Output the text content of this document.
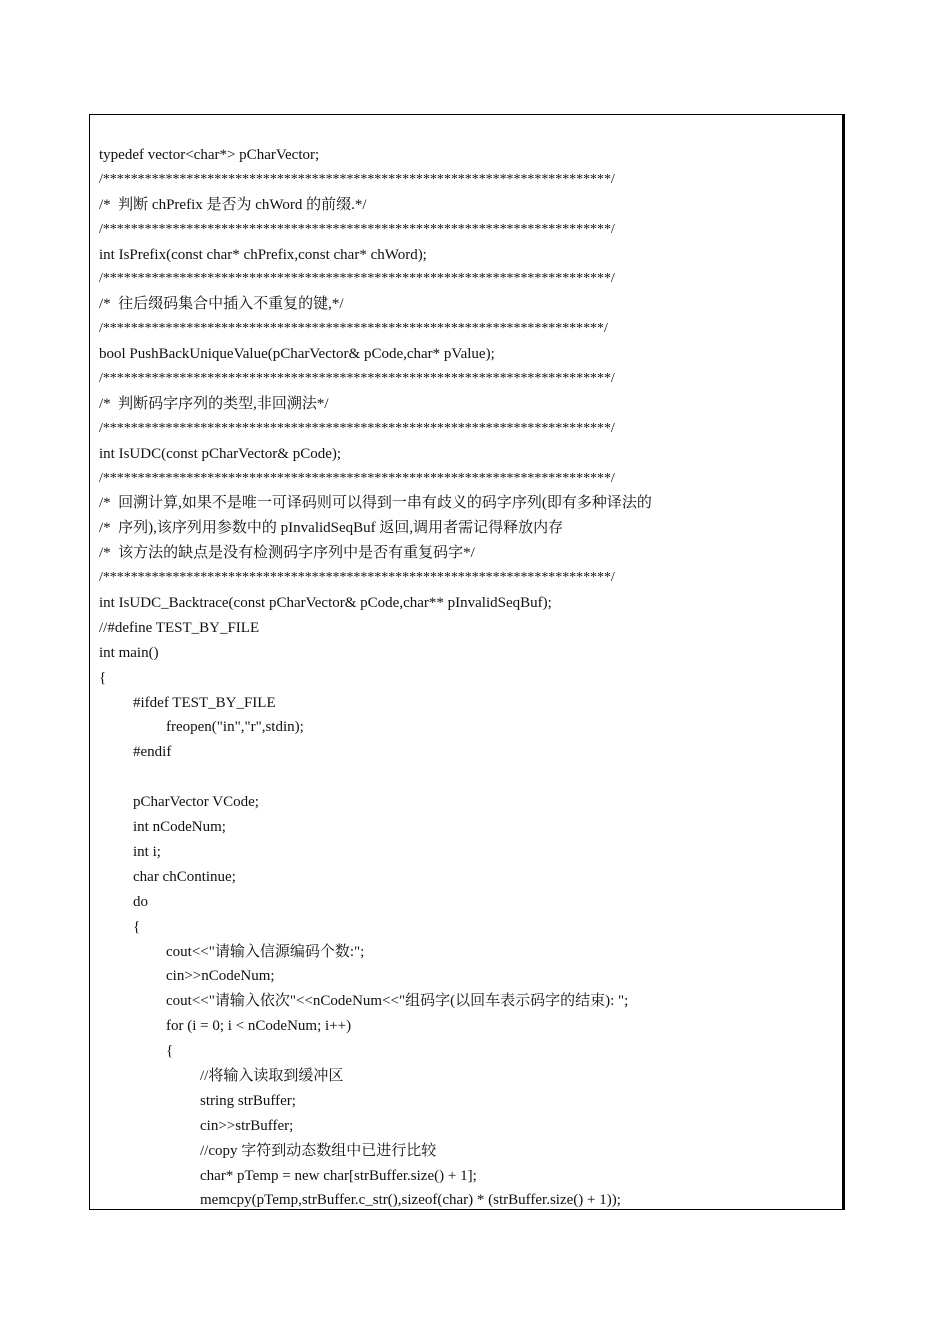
typedef vector<char*> pCharVector;
/*************************************************************************/
/*  判断 chPrefix 是否为 chWord 的前缀.*/
/*************************************************************************/
int IsPrefix(const char* chPrefix,const char* chWord);
/*************************************************************************/
/*  往后缀码集合中插入不重复的键,*/
/************************************************************************/
bool PushBackUniqueValue(pCharVector& pCode,char* pValue);
/*************************************************************************/
/*  判断码字序列的类型,非回溯法*/
/*************************************************************************/
int IsUDC(const pCharVector& pCode);
/*************************************************************************/
/*  回溯计算,如果不是唯一可译码则可以得到一串有歧义的码字序列(即有多种译法的
/*  序列),该序列用参数中的 pInvalidSeqBuf 返回,调用者需记得释放内存
/*  该方法的缺点是没有检测码字序列中是否有重复码字*/
/*************************************************************************/
int IsUDC_Backtrace(const pCharVector& pCode,char** pInvalidSeqBuf);
//#define TEST_BY_FILE
int main()
{
#ifdef TEST_BY_FILE
freopen("in","r",stdin);
#endif
pCharVector VCode;
int nCodeNum;
int i;
char chContinue;
do
{
cout<<"请输入信源编码个数:";
cin>>nCodeNum;
cout<<"请输入依次"<<nCodeNum<<"组码字(以回车表示码字的结束): ";
for (i = 0; i < nCodeNum; i++)
{
//将输入读取到缓冲区
string strBuffer;
cin>>strBuffer;
//copy 字符到动态数组中已进行比较
char* pTemp = new char[strBuffer.size() + 1];
memcpy(pTemp,strBuffer.c_str(),sizeof(char) * (strBuffer.size() + 1));
